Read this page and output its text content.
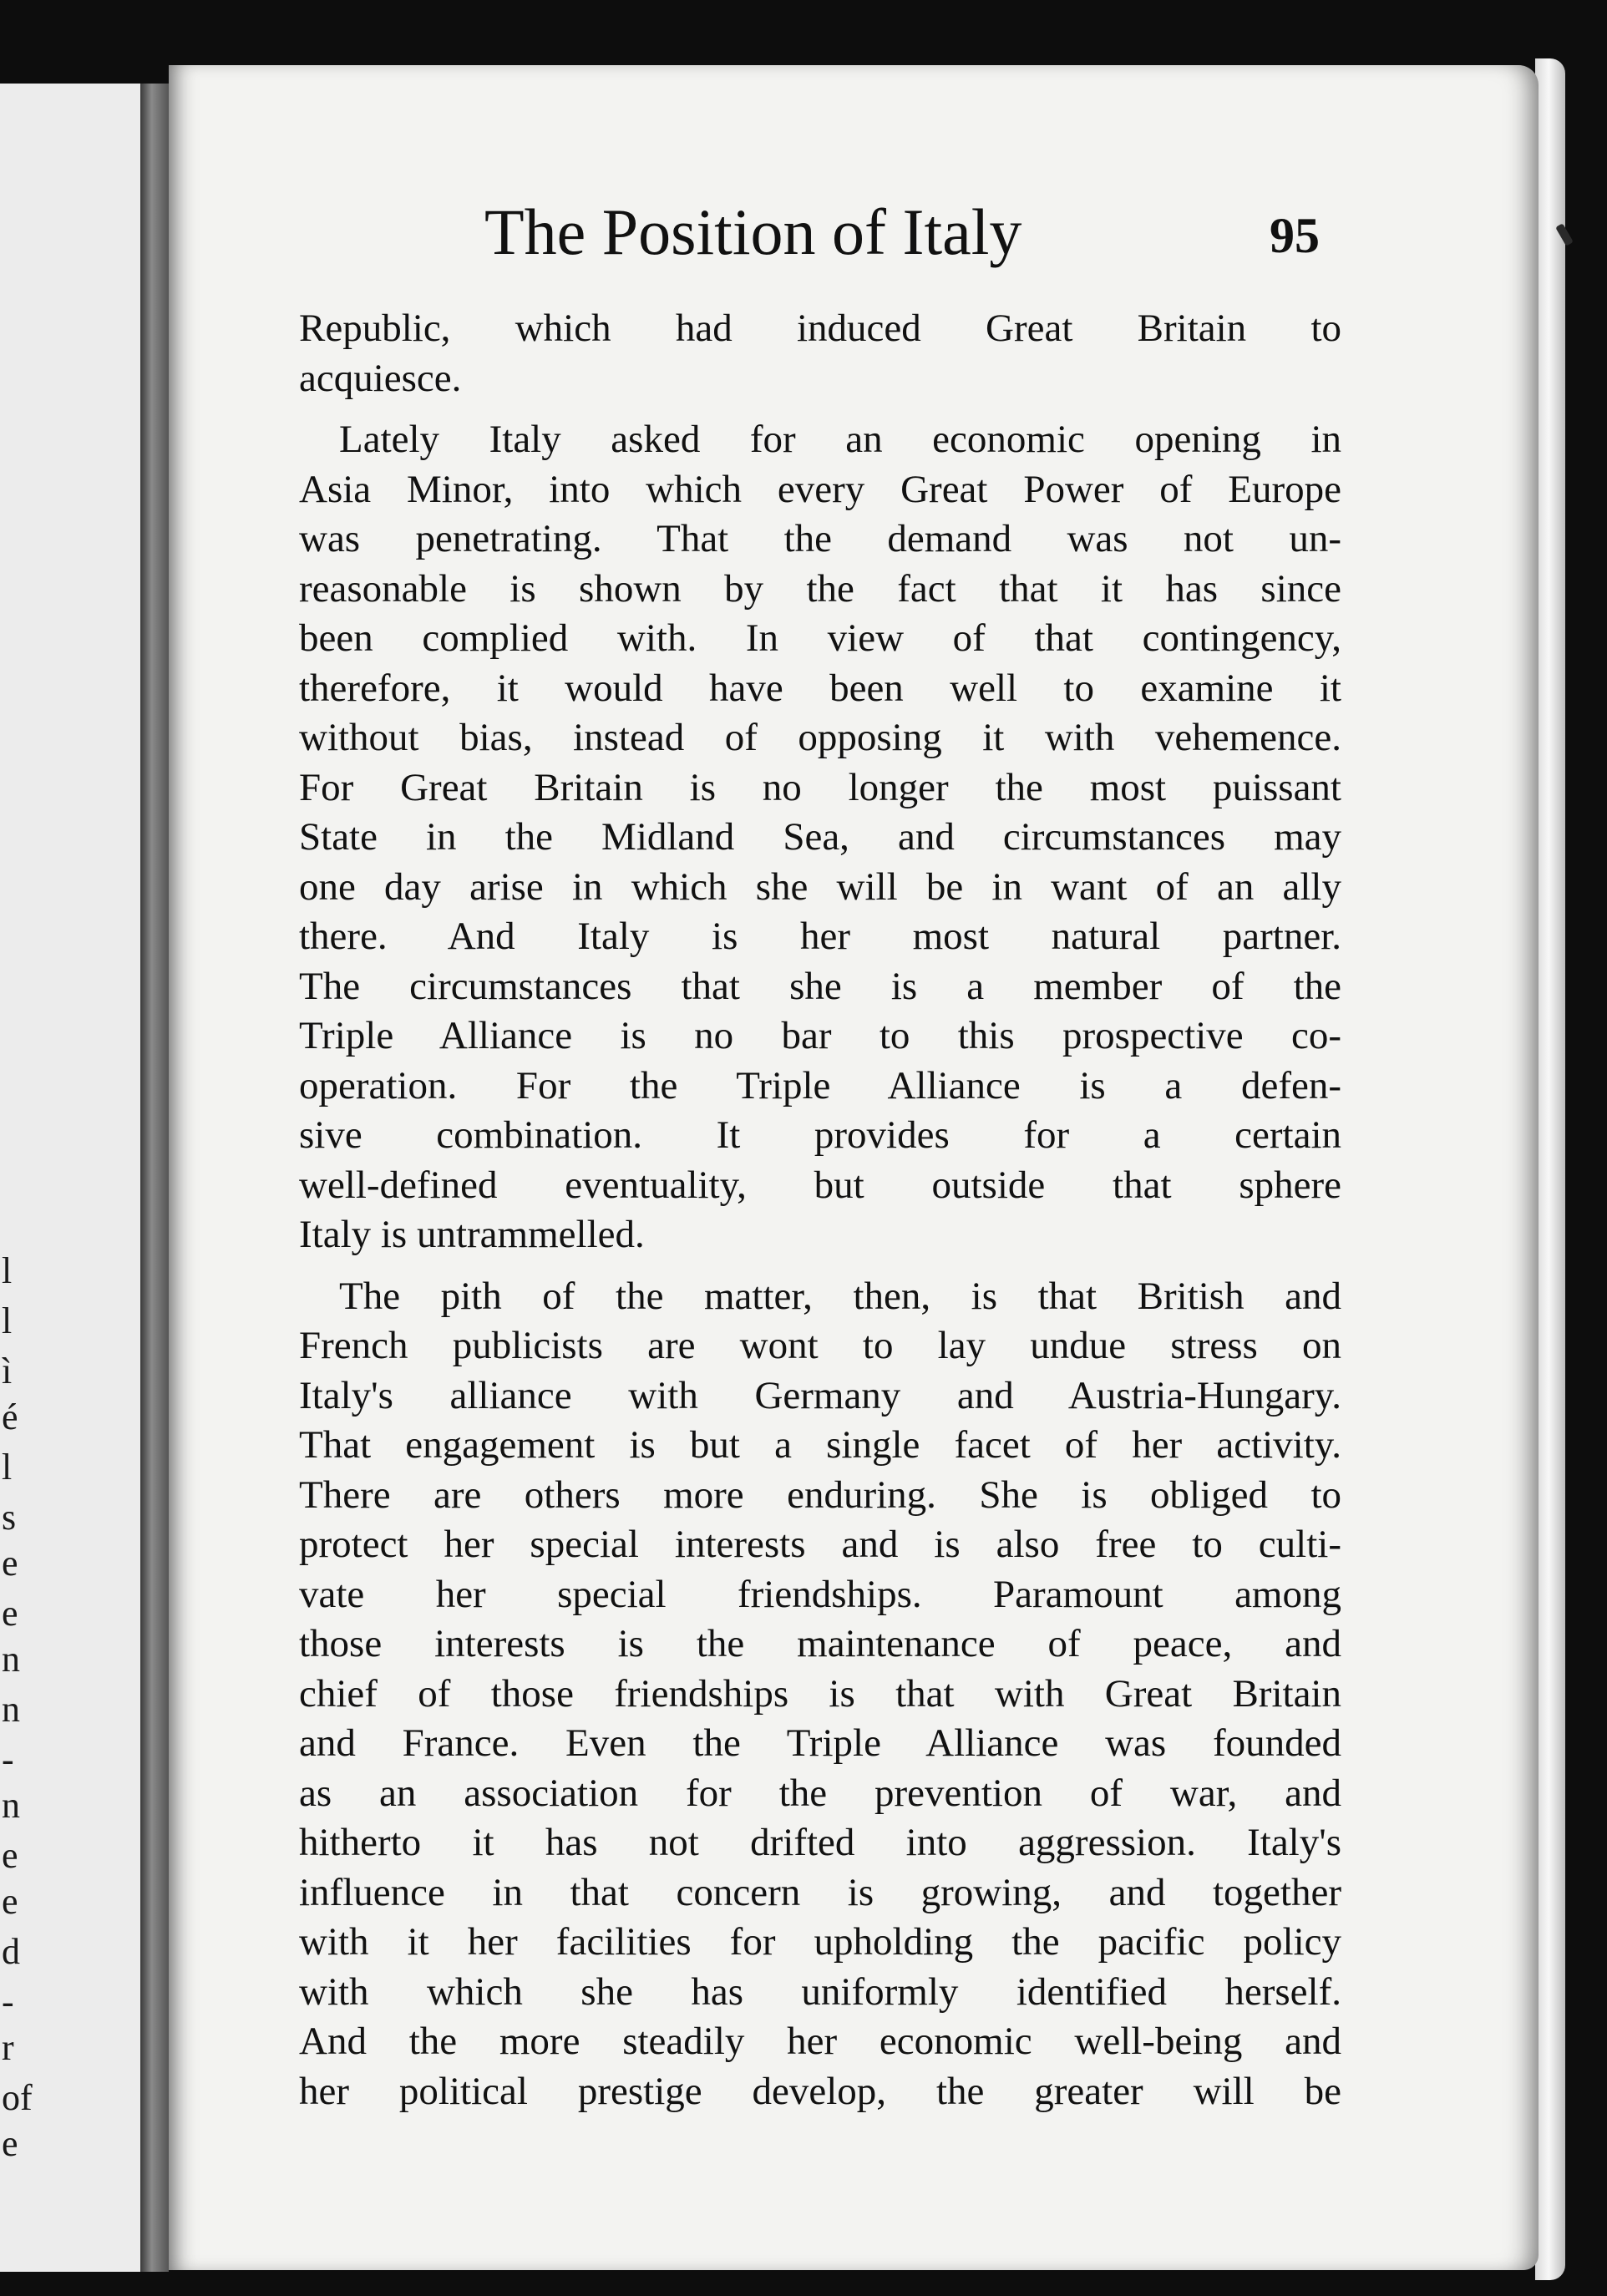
l
l
ì
é
l
s
e
e
n
n
-
n
e
e
d
-
r
of
e
The Position of Italy	95
Republic, which had induced Great Britain to
acquiesce.
Lately Italy asked for an economic opening in
Asia Minor, into which every Great Power of Europe
was penetrating. That the demand was not un-
reasonable is shown by the fact that it has since
been complied with. In view of that contingency,
therefore, it would have been well to examine it
without bias, instead of opposing it with vehemence.
For Great Britain is no longer the most puissant
State in the Midland Sea, and circumstances may
one day arise in which she will be in want of an ally
there. And Italy is her most natural partner.
The circumstances that she is a member of the
Triple Alliance is no bar to this prospective co-
operation. For the Triple Alliance is a defen-
sive combination. It provides for a certain
well-defined eventuality, but outside that sphere
Italy is untrammelled.
The pith of the matter, then, is that British and
French publicists are wont to lay undue stress on
Italy's alliance with Germany and Austria-Hungary.
That engagement is but a single facet of her activity.
There are others more enduring. She is obliged to
protect her special interests and is also free to culti-
vate her special friendships. Paramount among
those interests is the maintenance of peace, and
chief of those friendships is that with Great Britain
and France. Even the Triple Alliance was founded
as an association for the prevention of war, and
hitherto it has not drifted into aggression. Italy's
influence in that concern is growing, and together
with it her facilities for upholding the pacific policy
with which she has uniformly identified herself.
And the more steadily her economic well-being and
her political prestige develop, the greater will be
